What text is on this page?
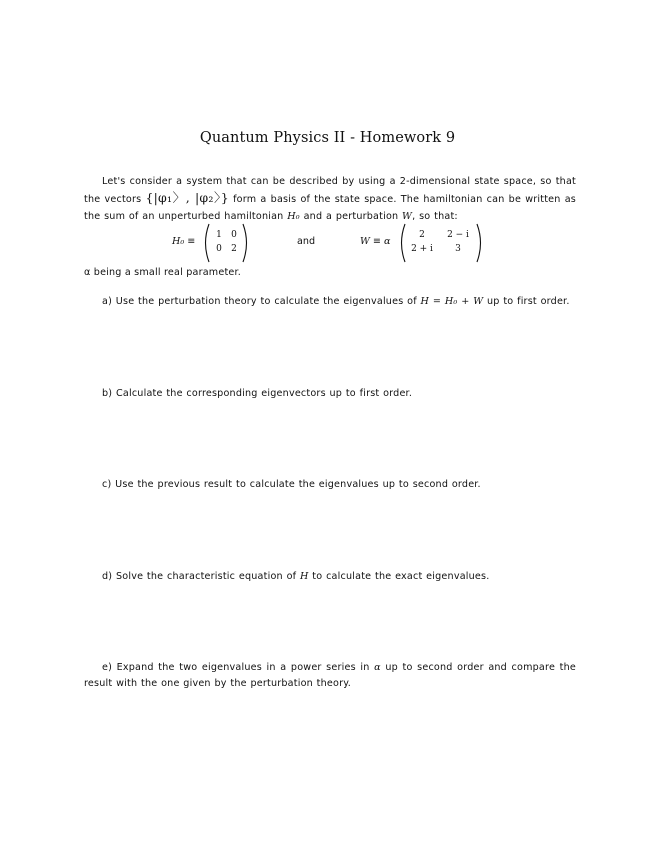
Quantum Physics II - Homework 9
Let's consider a system that can be described by using a 2-dimensional state space, so that the vectors {|φ₁〉, |φ₂〉} form a basis of the state space. The hamiltonian can be written as the sum of an unperturbed hamiltonian H₀ and a perturbation W, so that:
H₀ ≡
1	0
0	2
and	W ≡ α
2	2 − i
2 + i	3
α being a small real parameter.
a) Use the perturbation theory to calculate the eigenvalues of H = H₀ + W up to first order.
b) Calculate the corresponding eigenvectors up to first order.
c) Use the previous result to calculate the eigenvalues up to second order.
d) Solve the characteristic equation of H to calculate the exact eigenvalues.
e) Expand the two eigenvalues in a power series in α up to second order and compare the result with the one given by the perturbation theory.
